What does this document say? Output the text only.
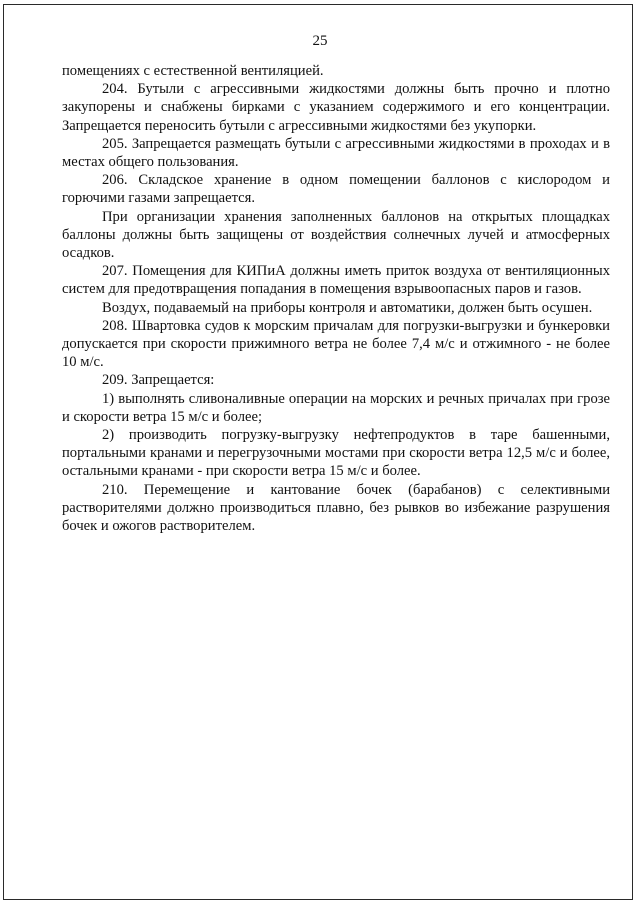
25

помещениях с естественной вентиляцией.

204. Бутыли с агрессивными жидкостями должны быть прочно и плотно закупорены и снабжены бирками с указанием содержимого и его концентрации. Запрещается переносить бутыли с агрессивными жидкостями без укупорки.

205. Запрещается размещать бутыли с агрессивными жидкостями в проходах и в местах общего пользования.

206. Складское хранение в одном помещении баллонов с кислородом и горючими газами запрещается.

При организации хранения заполненных баллонов на открытых площадках баллоны должны быть защищены от воздействия солнечных лучей и атмосферных осадков.

207. Помещения для КИПиА должны иметь приток воздуха от вентиляционных систем для предотвращения попадания в помещения взрывоопасных паров и газов.

Воздух, подаваемый на приборы контроля и автоматики, должен быть осушен.

208. Швартовка судов к морским причалам для погрузки-выгрузки и бункеровки допускается при скорости прижимного ветра не более 7,4 м/с и отжимного - не более 10 м/с.

209. Запрещается:

1) выполнять сливоналивные операции на морских и речных причалах при грозе и скорости ветра 15 м/с и более;

2) производить погрузку-выгрузку нефтепродуктов в таре башенными, портальными кранами и перегрузочными мостами при скорости ветра 12,5 м/с и более, остальными кранами - при скорости ветра 15 м/с и более.

210. Перемещение и кантование бочек (барабанов) с селективными растворителями должно производиться плавно, без рывков во избежание разрушения бочек и ожогов растворителем.
